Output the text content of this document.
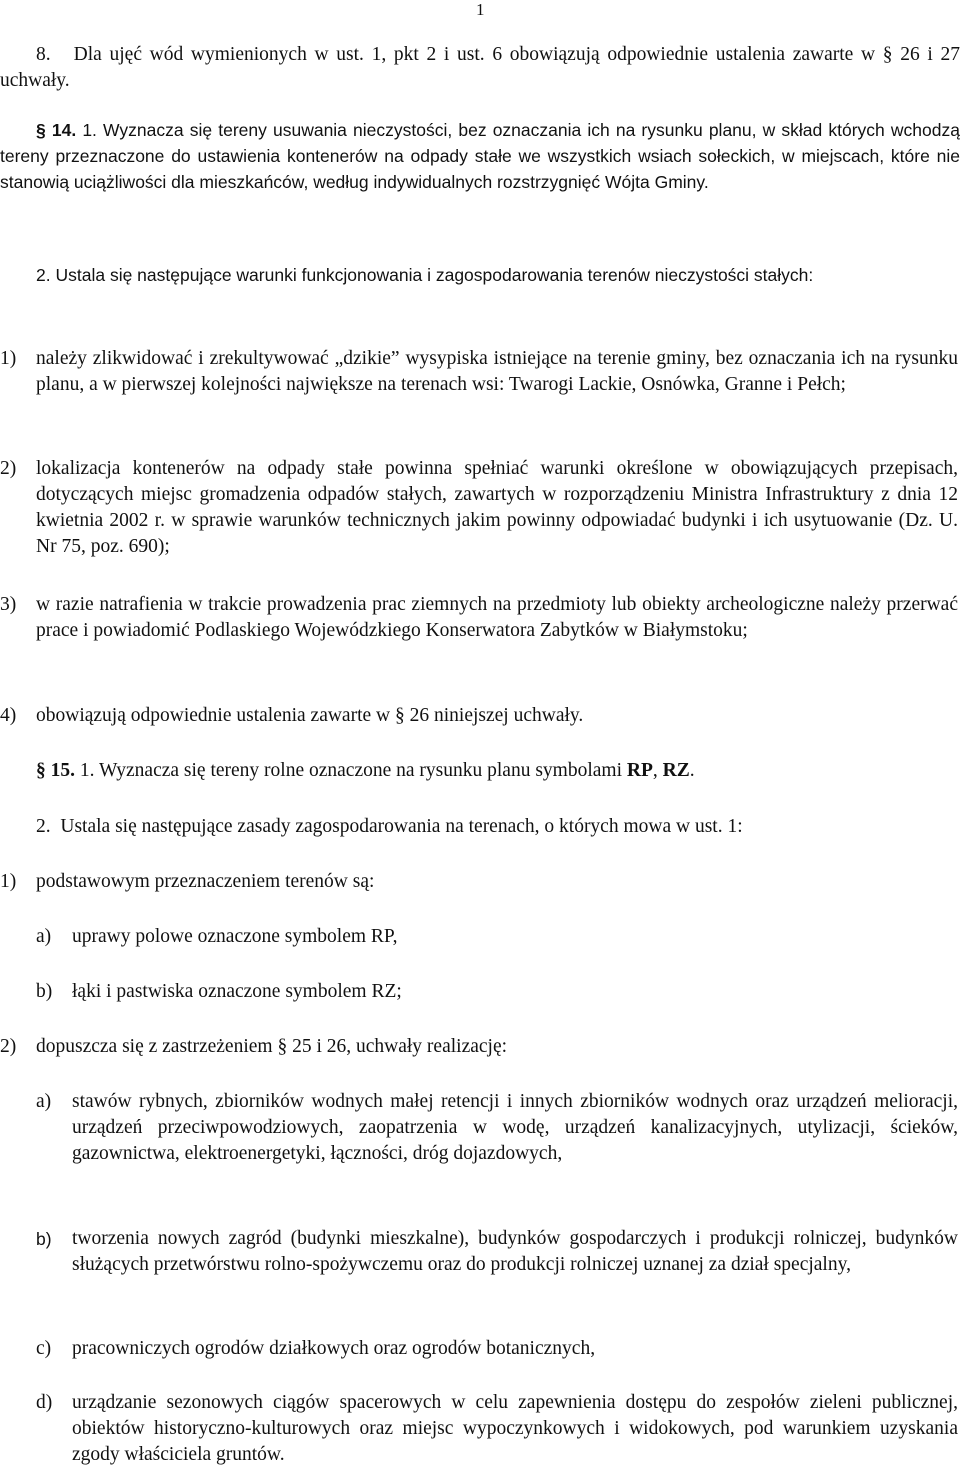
1
8. Dla ujęć wód wymienionych w ust. 1, pkt 2 i ust. 6 obowiązują odpowiednie ustalenia zawarte w § 26 i 27 uchwały.
§ 14. 1. Wyznacza się tereny usuwania nieczystości, bez oznaczania ich na rysunku planu, w skład których wchodzą tereny przeznaczone do ustawienia kontenerów na odpady stałe we wszystkich wsiach sołeckich, w miejscach, które nie stanowią uciążliwości dla mieszkańców, według indywidualnych rozstrzygnięć Wójta Gminy.
2. Ustala się następujące warunki funkcjonowania i zagospodarowania terenów nieczystości stałych:
1)	należy zlikwidować i zrekultywować „dzikie” wysypiska istniejące na terenie gminy, bez oznaczania ich na rysunku planu, a w pierwszej kolejności największe na terenach wsi: Twarogi Lackie, Osnówka, Granne i Pełch;
2)	lokalizacja kontenerów na odpady stałe powinna spełniać warunki określone w obowiązujących przepisach, dotyczących miejsc gromadzenia odpadów stałych, zawartych w rozporządzeniu Ministra Infrastruktury z dnia 12 kwietnia 2002 r. w sprawie warunków technicznych jakim powinny odpowiadać budynki i ich usytuowanie (Dz. U. Nr 75, poz. 690);
3)	w razie natrafienia w trakcie prowadzenia prac ziemnych na przedmioty lub obiekty archeologiczne należy przerwać prace i powiadomić Podlaskiego Wojewódzkiego Konserwatora Zabytków w Białymstoku;
4)	obowiązują odpowiednie ustalenia zawarte w § 26 niniejszej uchwały.
§ 15. 1. Wyznacza się tereny rolne oznaczone na rysunku planu symbolami RP, RZ.
2. Ustala się następujące zasady zagospodarowania na terenach, o których mowa w ust. 1:
1)	podstawowym przeznaczeniem terenów są:
a)	uprawy polowe oznaczone symbolem RP,
b)	łąki i pastwiska oznaczone symbolem RZ;
2)	dopuszcza się z zastrzeżeniem § 25 i 26, uchwały realizację:
a)	stawów rybnych, zbiorników wodnych małej retencji i innych zbiorników wodnych oraz urządzeń melioracji, urządzeń przeciwpowodziowych, zaopatrzenia w wodę, urządzeń kanalizacyjnych, utylizacji, ścieków, gazownictwa, elektroenergetyki, łączności, dróg dojazdowych,
b)	tworzenia nowych zagród (budynki mieszkalne), budynków gospodarczych i produkcji rolniczej, budynków służących przetwórstwu rolno-spożywczemu oraz do produkcji rolniczej uznanej za dział specjalny,
c)	pracowniczych ogrodów działkowych oraz ogrodów botanicznych,
d)	urządzanie sezonowych ciągów spacerowych w celu zapewnienia dostępu do zespołów zieleni publicznej, obiektów historyczno-kulturowych oraz miejsc wypoczynkowych i widokowych, pod warunkiem uzyskania zgody właściciela gruntów.
